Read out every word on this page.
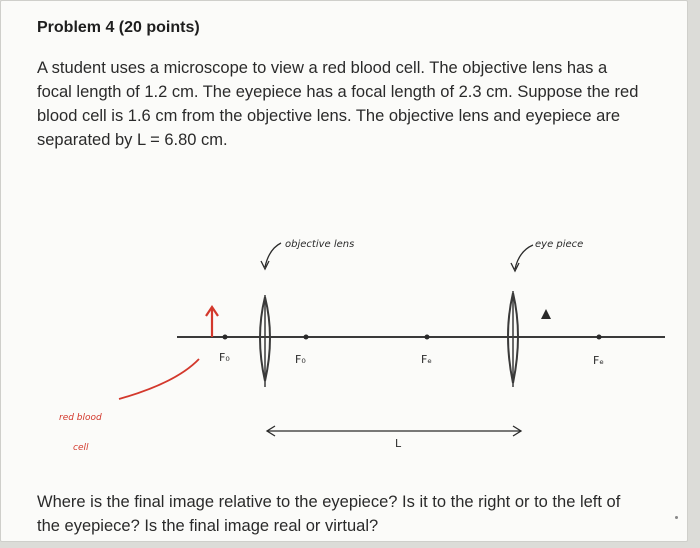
Problem 4 (20 points)
A student uses a microscope to view a red blood cell. The objective lens has a
focal length of 1.2 cm. The eyepiece has a focal length of 2.3 cm. Suppose the red
blood cell is 1.6 cm from the objective lens. The objective lens and eyepiece are
separated by L = 6.80 cm.
F₀	F₀	Fₑ	Fₑ
red blood
cell
objective lens	eye piece
L
Where is the final image relative to the eyepiece? Is it to the right or to the left of
the eyepiece? Is the final image real or virtual?
